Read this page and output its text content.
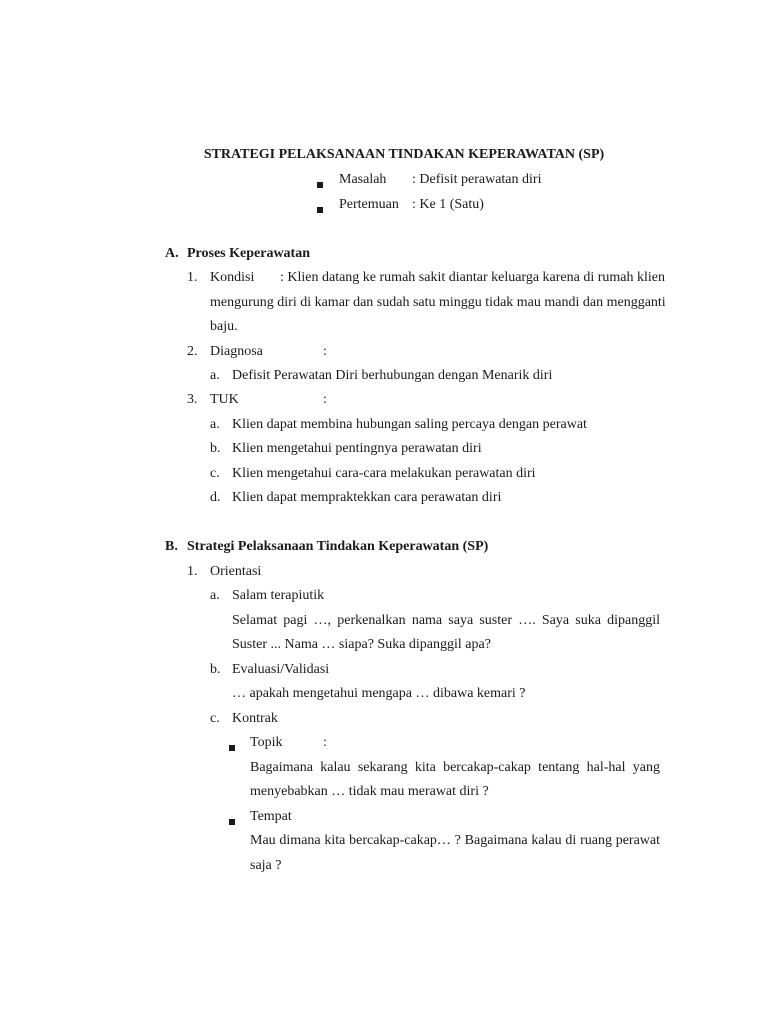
STRATEGI PELAKSANAAN TINDAKAN KEPERAWATAN (SP)
Masalah : Defisit perawatan diri
Pertemuan : Ke 1 (Satu)
A. Proses Keperawatan
1. Kondisi : Klien datang ke rumah sakit diantar keluarga karena di rumah klien
mengurung diri di kamar dan sudah satu minggu tidak mau mandi dan mengganti
baju.
2. Diagnosa	:
a. Defisit Perawatan Diri berhubungan dengan Menarik diri
3. TUK	:
a. Klien dapat membina hubungan saling percaya dengan perawat
b. Klien mengetahui pentingnya perawatan diri
c. Klien mengetahui cara-cara melakukan perawatan diri
d. Klien dapat mempraktekkan cara perawatan diri
B. Strategi Pelaksanaan Tindakan Keperawatan (SP)
1. Orientasi
a. Salam terapiutik
Selamat pagi …, perkenalkan nama saya suster …. Saya suka dipanggil
Suster ... Nama … siapa? Suka dipanggil apa?
b. Evaluasi/Validasi
… apakah mengetahui mengapa … dibawa kemari ?
c. Kontrak
Topik	:
Bagaimana kalau sekarang kita bercakap-cakap tentang hal-hal yang
menyebabkan … tidak mau merawat diri ?
Tempat
Mau dimana kita bercakap-cakap… ? Bagaimana kalau di ruang perawat
saja ?
